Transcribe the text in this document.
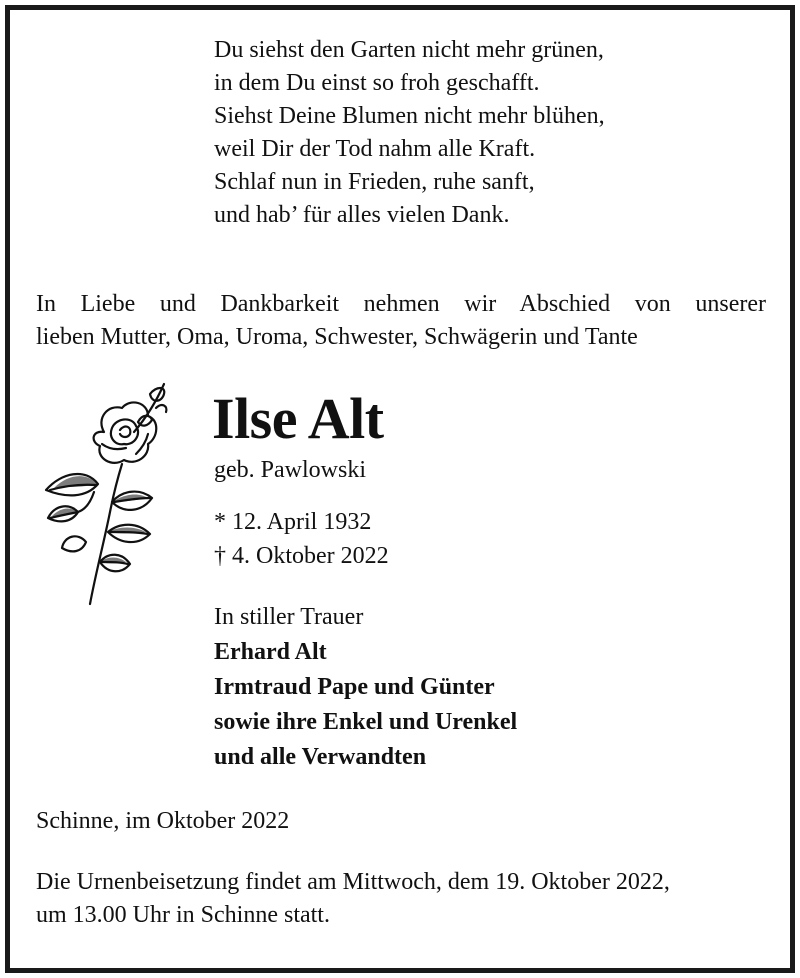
Du siehst den Garten nicht mehr grünen,
in dem Du einst so froh geschafft.
Siehst Deine Blumen nicht mehr blühen,
weil Dir der Tod nahm alle Kraft.
Schlaf nun in Frieden, ruhe sanft,
und hab’ für alles vielen Dank.
In Liebe und Dankbarkeit nehmen wir Abschied von unserer
lieben Mutter, Oma, Uroma, Schwester, Schwägerin und Tante
Ilse Alt
geb. Pawlowski
* 12. April 1932
† 4. Oktober 2022
In stiller Trauer
Erhard Alt
Irmtraud Pape und Günter
sowie ihre Enkel und Urenkel
und alle Verwandten
Schinne, im Oktober 2022
Die Urnenbeisetzung findet am Mittwoch, dem 19. Oktober 2022,
um 13.00 Uhr in Schinne statt.
